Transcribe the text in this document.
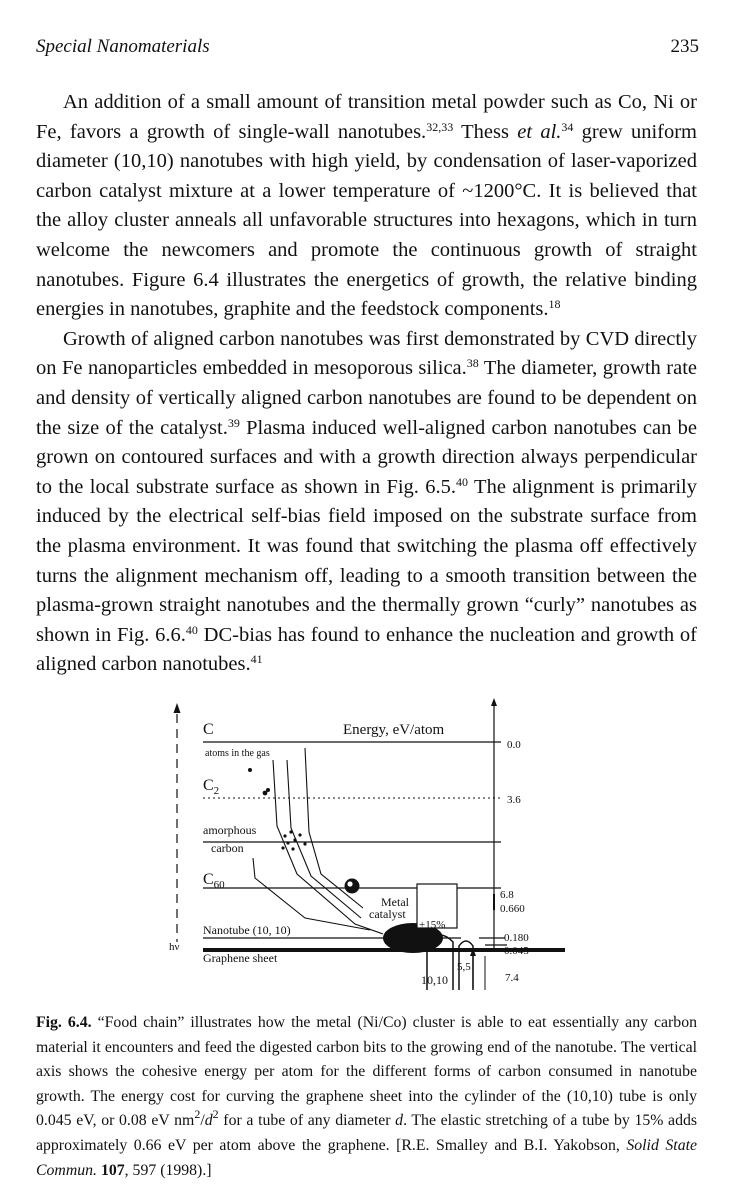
Special Nanomaterials	235

An addition of a small amount of transition metal powder such as Co, Ni or Fe, favors a growth of single-wall nanotubes.$^{32,33}$ Thess et al.$^{34}$ grew uniform diameter (10,10) nanotubes with high yield, by condensation of laser-vaporized carbon catalyst mixture at a lower temperature of ~1200°C. It is believed that the alloy cluster anneals all unfavorable structures into hexagons, which in turn welcome the newcomers and promote the continuous growth of straight nanotubes. Figure 6.4 illustrates the energetics of growth, the relative binding energies in nanotubes, graphite and the feedstock components.$^{18}$

Growth of aligned carbon nanotubes was first demonstrated by CVD directly on Fe nanoparticles embedded in mesoporous silica.$^{38}$ The diameter, growth rate and density of vertically aligned carbon nanotubes are found to be dependent on the size of the catalyst.$^{39}$ Plasma induced well-aligned carbon nanotubes can be grown on contoured surfaces and with a growth direction always perpendicular to the local substrate surface as shown in Fig. 6.5.40 The alignment is primarily induced by the electrical self-bias field imposed on the substrate surface from the plasma environment. It was found that switching the plasma off effectively turns the alignment mechanism off, leading to a smooth transition between the plasma-grown straight nanotubes and the thermally grown “curly” nanotubes as shown in Fig. 6.6.40 DC-bias has found to enhance the nucleation and growth of aligned carbon nanotubes.$^{41}$

C	Energy, eV/atom
atoms in the gas
$C_2$
amorphous
carbon
$C_{60}$
Metal
catalyst
+15%
Nanotube (10, 10)
Graphene sheet
hν
10,10
5,5
0.0
3.6
6.8
0.660
0.180
0.045
7.4
Fig. 6.4. “Food chain” illustrates how the metal (Ni/Co) cluster is able to eat essentially any carbon material it encounters and feed the digested carbon bits to the growing end of the nanotube. The vertical axis shows the cohesive energy per atom for the different forms of carbon consumed in nanotube growth. The energy cost for curving the graphene sheet into the cylinder of the (10,10) tube is only 0.045 eV, or 0.08 eV $nm^2/d^2$ for a tube of any diameter d. The elastic stretching of a tube by 15% adds approximately 0.66 eV per atom above the graphene. [R.E. Smalley and B.I. Yakobson, Solid State Commun. 107, 597 (1998).]
